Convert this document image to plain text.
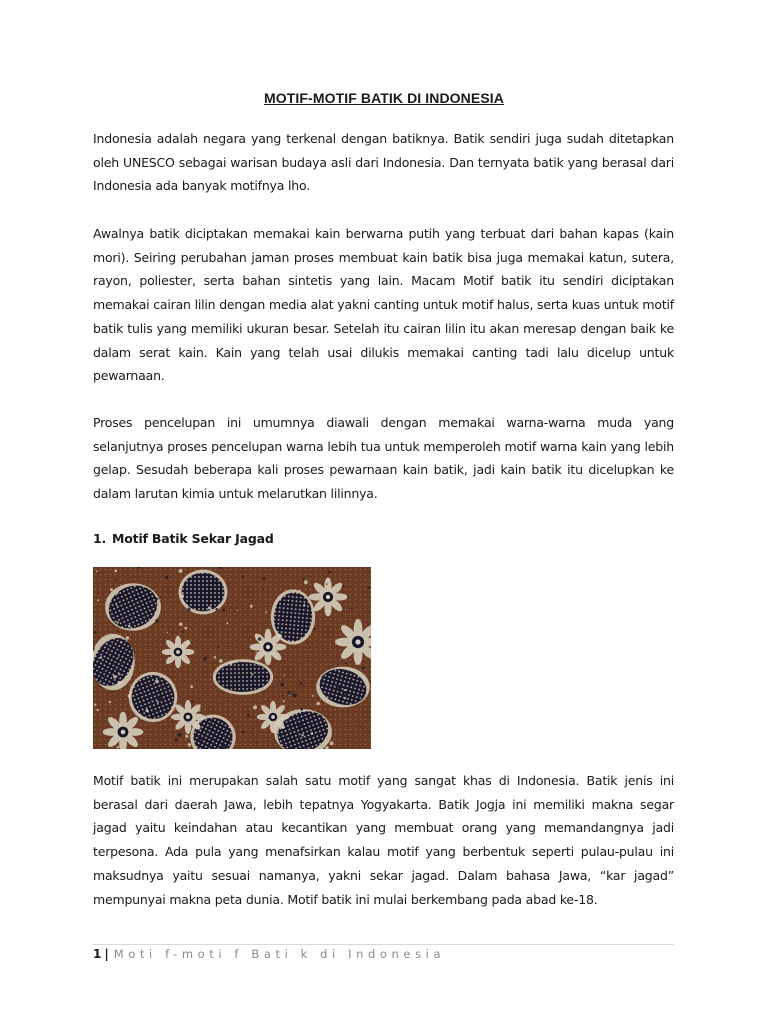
MOTIF-MOTIF BATIK DI INDONESIA

Indonesia adalah negara yang terkenal dengan batiknya. Batik sendiri juga sudah ditetapkan oleh UNESCO sebagai warisan budaya asli dari Indonesia. Dan ternyata batik yang berasal dari Indonesia ada banyak motifnya lho.

Awalnya batik diciptakan memakai kain berwarna putih yang terbuat dari bahan kapas (kain mori). Seiring perubahan jaman proses membuat kain batik bisa juga memakai katun, sutera, rayon, poliester, serta bahan sintetis yang lain. Macam Motif batik itu sendiri diciptakan memakai cairan lilin dengan media alat yakni canting untuk motif halus, serta kuas untuk motif batik tulis yang memiliki ukuran besar. Setelah itu cairan lilin itu akan meresap dengan baik ke dalam serat kain. Kain yang telah usai dilukis memakai canting tadi lalu dicelup untuk pewarnaan.

Proses pencelupan ini umumnya diawali dengan memakai warna-warna muda yang selanjutnya proses pencelupan warna lebih tua untuk memperoleh motif warna kain yang lebih gelap. Sesudah beberapa kali proses pewarnaan kain batik, jadi kain batik itu dicelupkan ke dalam larutan kimia untuk melarutkan lilinnya.

1. Motif Batik Sekar Jagad

Motif batik ini merupakan salah satu motif yang sangat khas di Indonesia. Batik jenis ini berasal dari daerah Jawa, lebih tepatnya Yogyakarta. Batik Jogja ini memiliki makna segar jagad yaitu keindahan atau kecantikan yang membuat orang yang memandangnya jadi terpesona. Ada pula yang menafsirkan kalau motif yang berbentuk seperti pulau-pulau ini maksudnya yaitu sesuai namanya, yakni sekar jagad. Dalam bahasa Jawa, “kar jagad” mempunyai makna peta dunia. Motif batik ini mulai berkembang pada abad ke-18.

1 | Moti f-moti f Bati k di Indonesia
